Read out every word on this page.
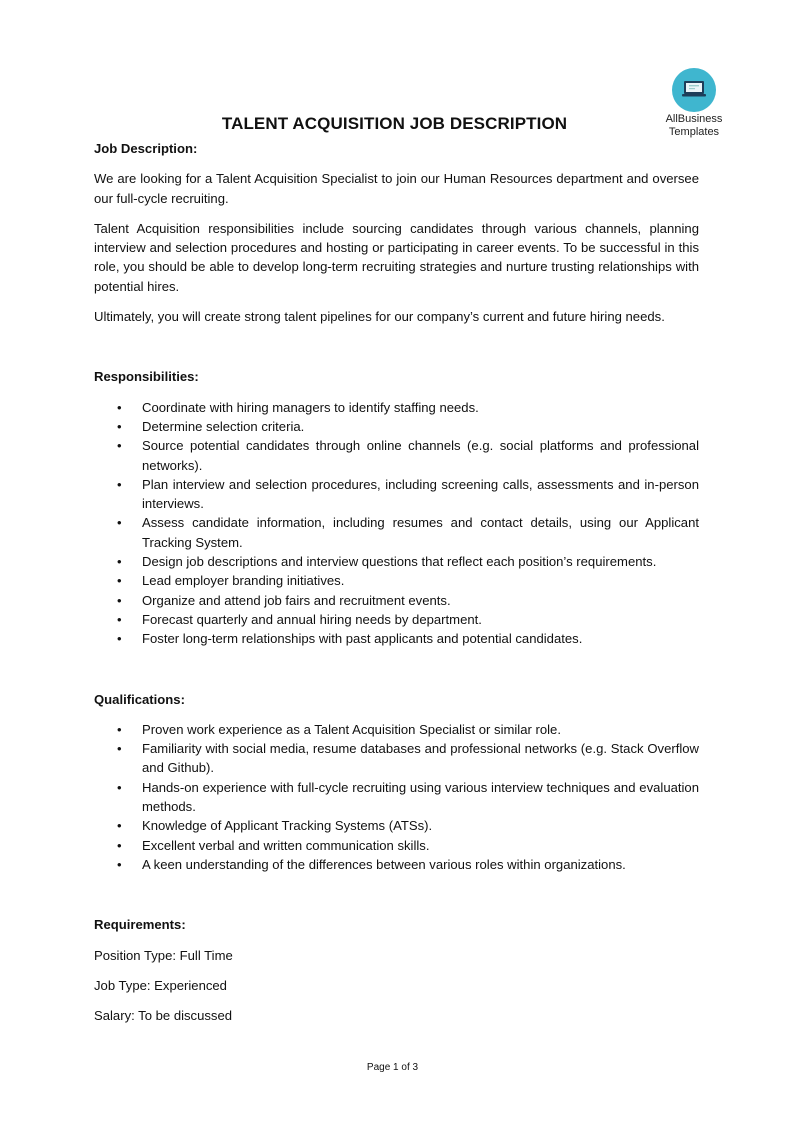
AllBusiness
Templates
TALENT ACQUISITION JOB DESCRIPTION

Job Description:

We are looking for a Talent Acquisition Specialist to join our Human Resources department and oversee our full-cycle recruiting.

Talent Acquisition responsibilities include sourcing candidates through various channels, planning interview and selection procedures and hosting or participating in career events. To be successful in this role, you should be able to develop long-term recruiting strategies and nurture trusting relationships with potential hires.

Ultimately, you will create strong talent pipelines for our company’s current and future hiring needs.

Responsibilities:

• Coordinate with hiring managers to identify staffing needs.
• Determine selection criteria.
• Source potential candidates through online channels (e.g. social platforms and professional networks).
• Plan interview and selection procedures, including screening calls, assessments and in-person interviews.
• Assess candidate information, including resumes and contact details, using our Applicant Tracking System.
• Design job descriptions and interview questions that reflect each position’s requirements.
• Lead employer branding initiatives.
• Organize and attend job fairs and recruitment events.
• Forecast quarterly and annual hiring needs by department.
• Foster long-term relationships with past applicants and potential candidates.

Qualifications:

• Proven work experience as a Talent Acquisition Specialist or similar role.
• Familiarity with social media, resume databases and professional networks (e.g. Stack Overflow and Github).
• Hands-on experience with full-cycle recruiting using various interview techniques and evaluation methods.
• Knowledge of Applicant Tracking Systems (ATSs).
• Excellent verbal and written communication skills.
• A keen understanding of the differences between various roles within organizations.

Requirements:

Position Type: Full Time

Job Type: Experienced

Salary: To be discussed

Page 1 of 3
